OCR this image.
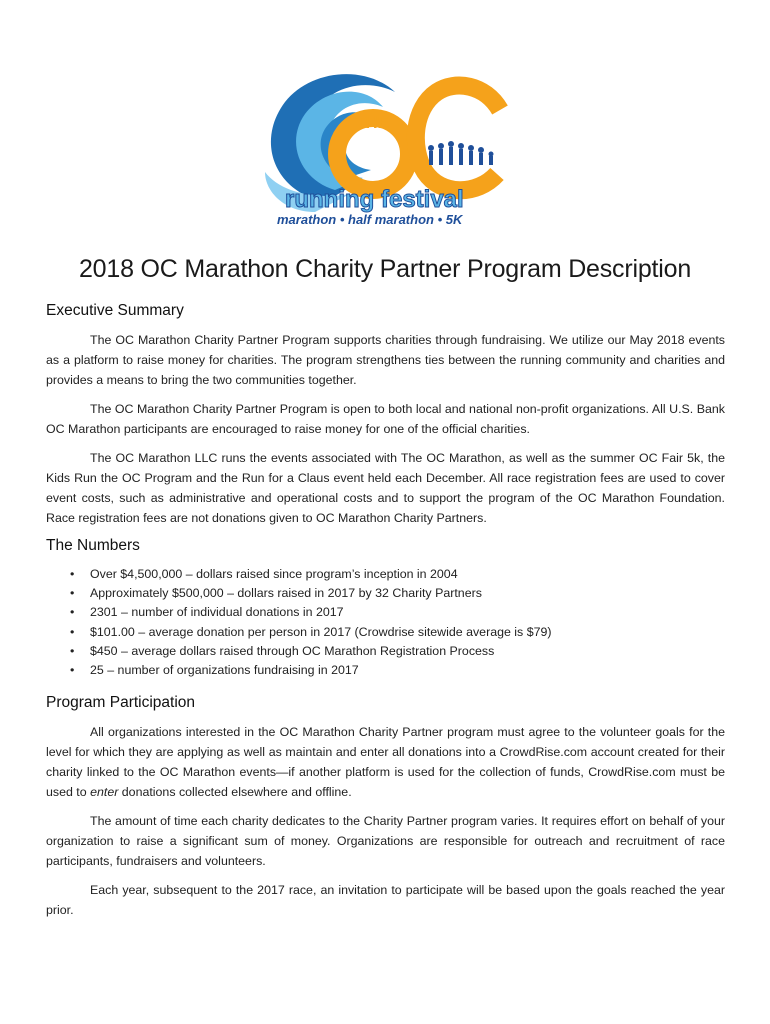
THE
running festival
marathon • half marathon • 5K
2018 OC Marathon Charity Partner Program Description
Executive Summary

The OC Marathon Charity Partner Program supports charities through fundraising. We utilize our May 2018 events as a platform to raise money for charities. The program strengthens ties between the running community and charities and provides a means to bring the two communities together.

The OC Marathon Charity Partner Program is open to both local and national non-profit organizations. All U.S. Bank OC Marathon participants are encouraged to raise money for one of the official charities.

The OC Marathon LLC runs the events associated with The OC Marathon, as well as the summer OC Fair 5k, the Kids Run the OC Program and the Run for a Claus event held each December. All race registration fees are used to cover event costs, such as administrative and operational costs and to support the program of the OC Marathon Foundation. Race registration fees are not donations given to OC Marathon Charity Partners.

The Numbers
• Over $4,500,000 – dollars raised since program’s inception in 2004
• Approximately $500,000 – dollars raised in 2017 by 32 Charity Partners
• 2301 – number of individual donations in 2017
• $101.00 – average donation per person in 2017 (Crowdrise sitewide average is $79)
• $450 – average dollars raised through OC Marathon Registration Process
• 25 – number of organizations fundraising in 2017
Program Participation

All organizations interested in the OC Marathon Charity Partner program must agree to the volunteer goals for the level for which they are applying as well as maintain and enter all donations into a CrowdRise.com account created for their charity linked to the OC Marathon events—if another platform is used for the collection of funds, CrowdRise.com must be used to enter donations collected elsewhere and offline.

The amount of time each charity dedicates to the Charity Partner program varies. It requires effort on behalf of your organization to raise a significant sum of money. Organizations are responsible for outreach and recruitment of race participants, fundraisers and volunteers.

Each year, subsequent to the 2017 race, an invitation to participate will be based upon the goals reached the year prior.
